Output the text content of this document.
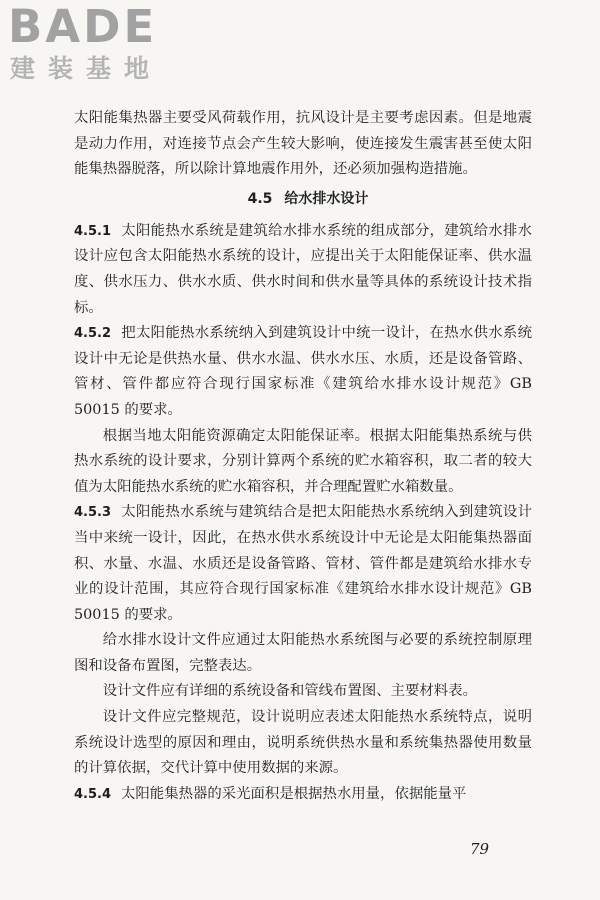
BADE
建装基地

太阳能集热器主要受风荷载作用，抗风设计是主要考虑因素。但是地震是动力作用，对连接节点会产生较大影响，使连接发生震害甚至使太阳能集热器脱落，所以除计算地震作用外，还必须加强构造措施。

4.5 给水排水设计

4.5.1 太阳能热水系统是建筑给水排水系统的组成部分，建筑给水排水设计应包含太阳能热水系统的设计，应提出关于太阳能保证率、供水温度、供水压力、供水水质、供水时间和供水量等具体的系统设计技术指标。

4.5.2 把太阳能热水系统纳入到建筑设计中统一设计，在热水供水系统设计中无论是供热水量、供水水温、供水水压、水质，还是设备管路、管材、管件都应符合现行国家标准《建筑给水排水设计规范》GB 50015 的要求。

根据当地太阳能资源确定太阳能保证率。根据太阳能集热系统与供热水系统的设计要求，分别计算两个系统的贮水箱容积，取二者的较大值为太阳能热水系统的贮水箱容积，并合理配置贮水箱数量。

4.5.3 太阳能热水系统与建筑结合是把太阳能热水系统纳入到建筑设计当中来统一设计，因此，在热水供水系统设计中无论是太阳能集热器面积、水量、水温、水质还是设备管路、管材、管件都是建筑给水排水专业的设计范围，其应符合现行国家标准《建筑给水排水设计规范》GB 50015 的要求。

给水排水设计文件应通过太阳能热水系统图与必要的系统控制原理图和设备布置图，完整表达。

设计文件应有详细的系统设备和管线布置图、主要材料表。

设计文件应完整规范，设计说明应表述太阳能热水系统特点，说明系统设计选型的原因和理由，说明系统供热水量和系统集热器使用数量的计算依据，交代计算中使用数据的来源。

4.5.4 太阳能集热器的采光面积是根据热水用量，依据能量平

79
